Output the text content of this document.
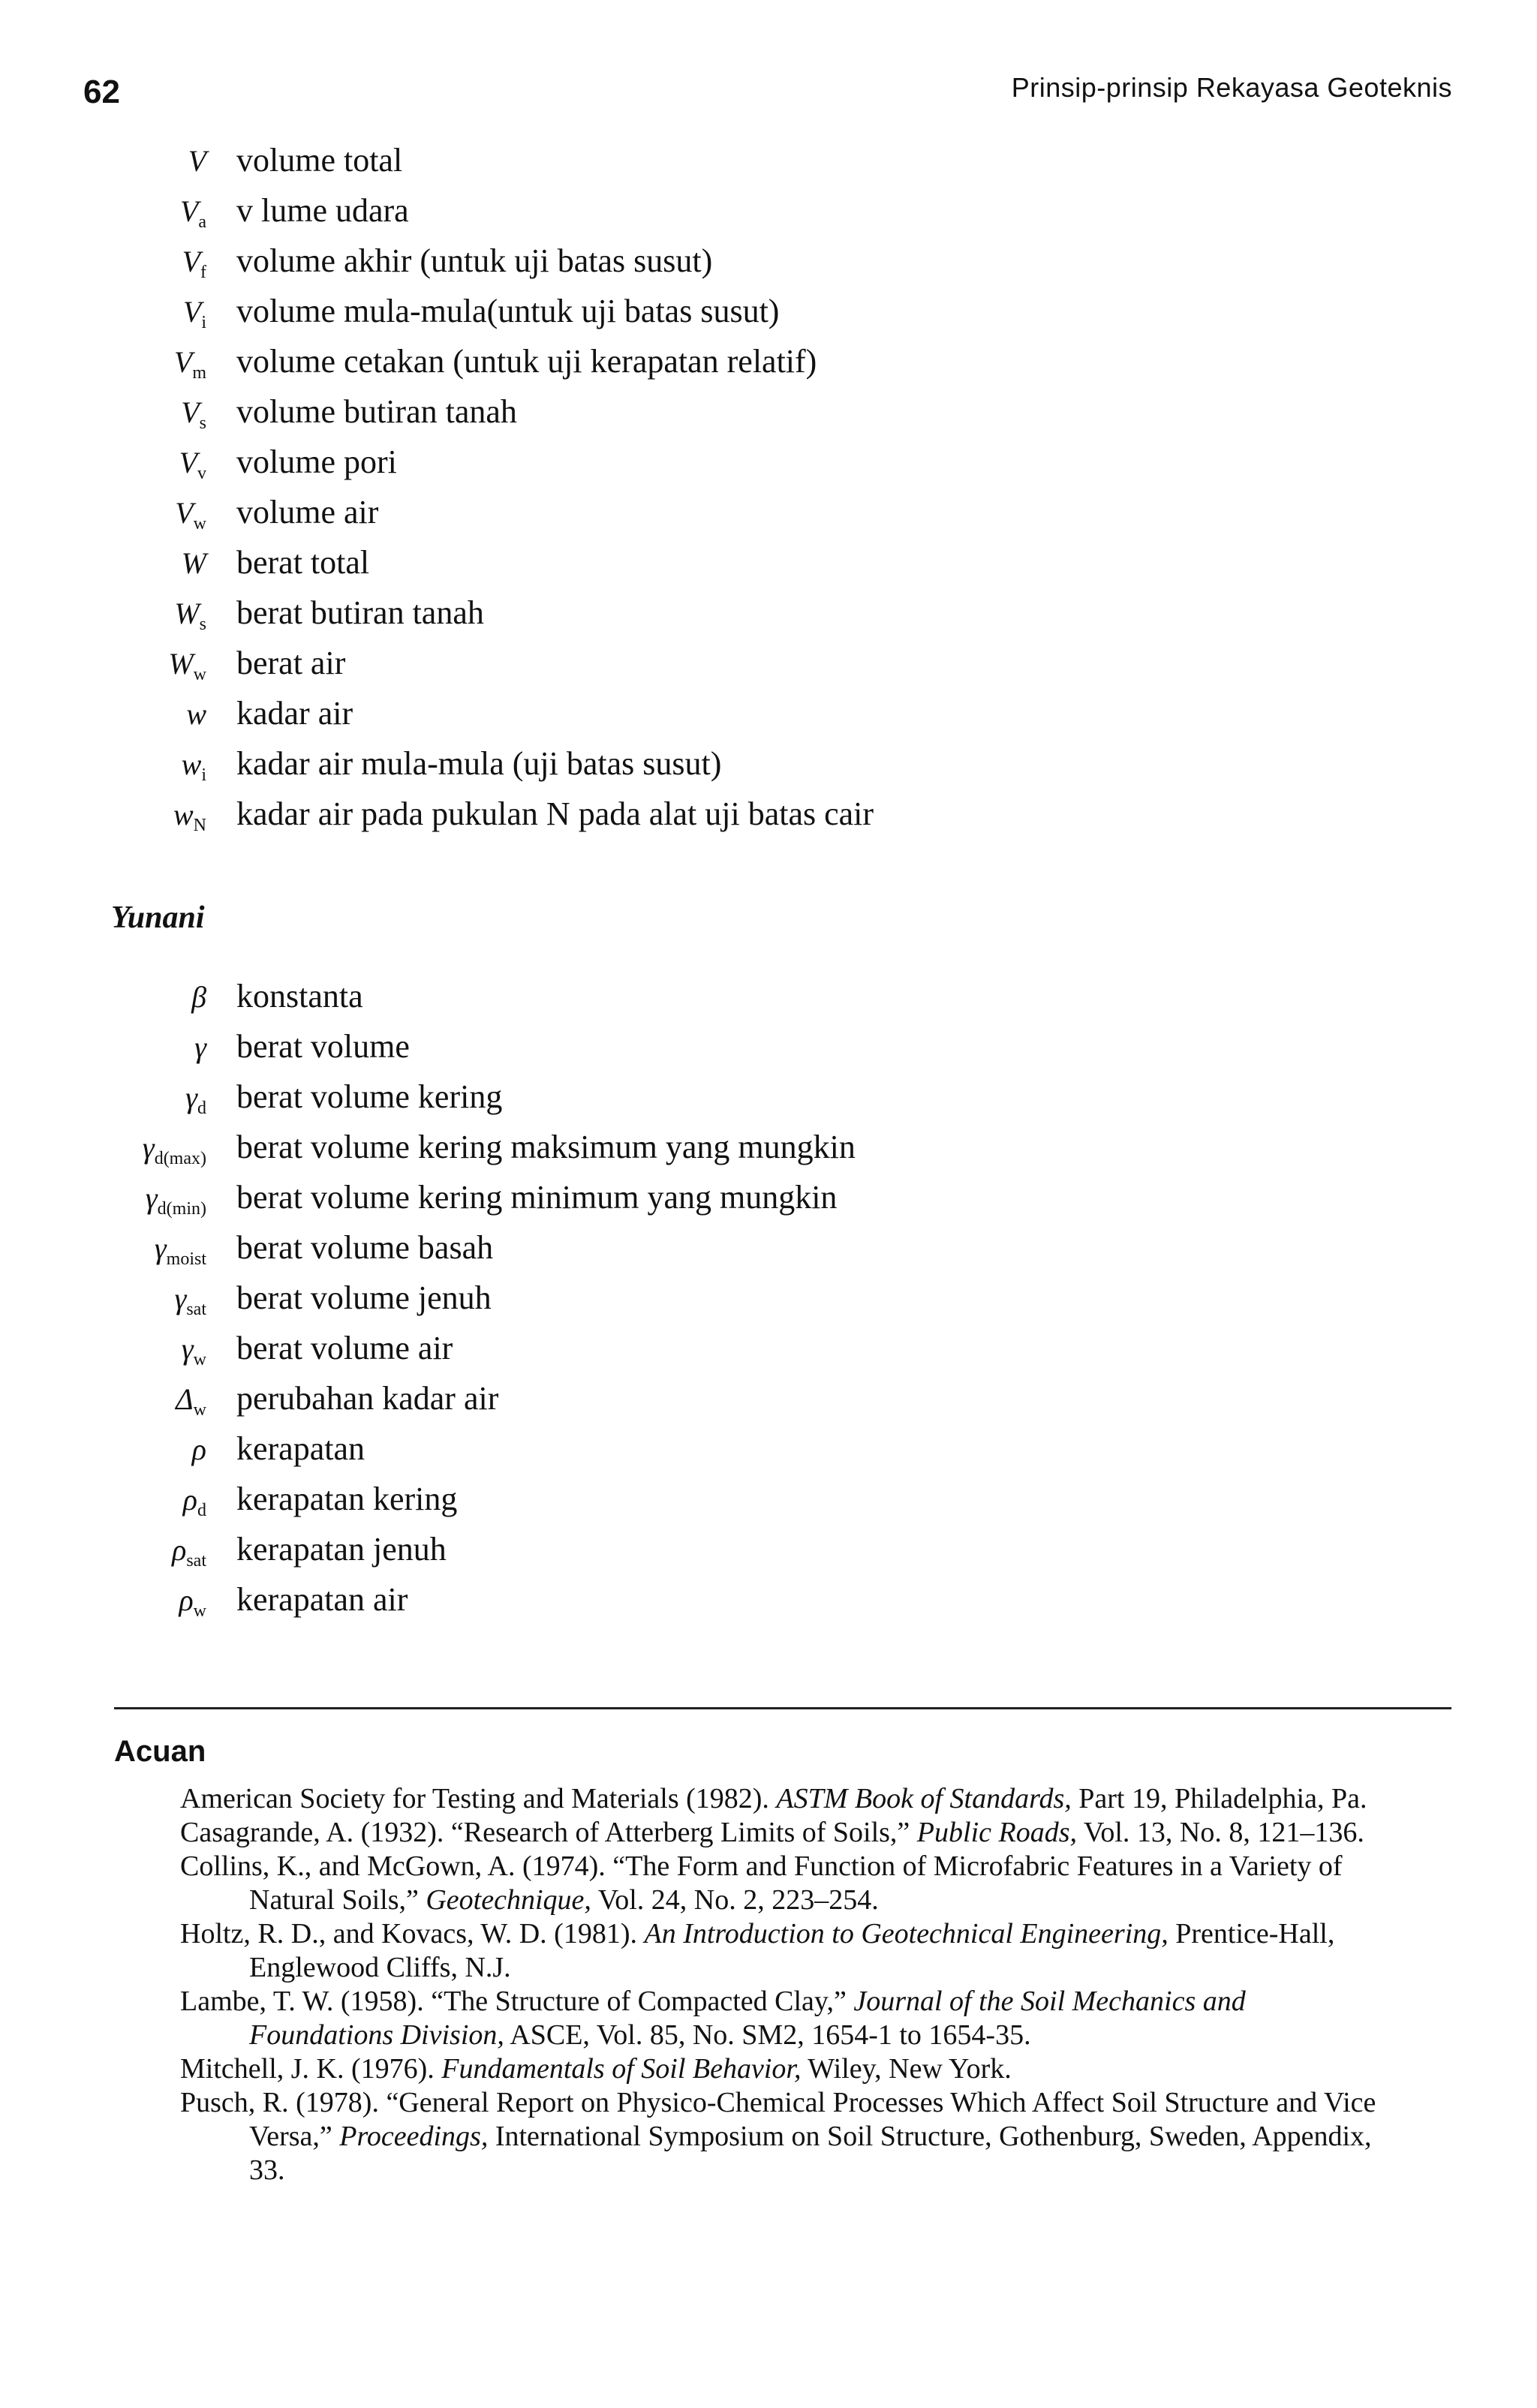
62	Prinsip-prinsip Rekayasa Geoteknis
V volume total
$V_a$ v lume udara
$V_f$ volume akhir (untuk uji batas susut)
$V_i$ volume mula-mula(untuk uji batas susut)
$V_m$ volume cetakan (untuk uji kerapatan relatif)
$V_s$ volume butiran tanah
$V_v$ volume pori
$V_w$ volume air
W berat total
$W_s$ berat butiran tanah
$W_w$ berat air
w kadar air
$w_i$ kadar air mula-mula (uji batas susut)
$w_N$ kadar air pada pukulan N pada alat uji batas cair
Yunani
β konstanta
γ berat volume
$\gamma_d$ berat volume kering
$\gamma_{d(max)}$ berat volume kering maksimum yang mungkin
$\gamma_{d(min)}$ berat volume kering minimum yang mungkin
$\gamma_{moist}$ berat volume basah
$\gamma_{sat}$ berat volume jenuh
$\gamma_w$ berat volume air
$\Delta_w$ perubahan kadar air
ρ kerapatan
$\rho_d$ kerapatan kering
$\rho_{sat}$ kerapatan jenuh
$\rho_w$ kerapatan air
Acuan
American Society for Testing and Materials (1982). ASTM Book of Standards, Part 19, Philadelphia, Pa.
Casagrande, A. (1932). “Research of Atterberg Limits of Soils,” Public Roads, Vol. 13, No. 8, 121–136.
Collins, K., and McGown, A. (1974). “The Form and Function of Microfabric Features in a Variety of Natural Soils,” Geotechnique, Vol. 24, No. 2, 223–254.
Holtz, R. D., and Kovacs, W. D. (1981). An Introduction to Geotechnical Engineering, Prentice-Hall, Englewood Cliffs, N.J.
Lambe, T. W. (1958). “The Structure of Compacted Clay,” Journal of the Soil Mechanics and Foundations Division, ASCE, Vol. 85, No. SM2, 1654-1 to 1654-35.
Mitchell, J. K. (1976). Fundamentals of Soil Behavior, Wiley, New York.
Pusch, R. (1978). “General Report on Physico-Chemical Processes Which Affect Soil Structure and Vice Versa,” Proceedings, International Symposium on Soil Structure, Gothenburg, Sweden, Appendix, 33.
